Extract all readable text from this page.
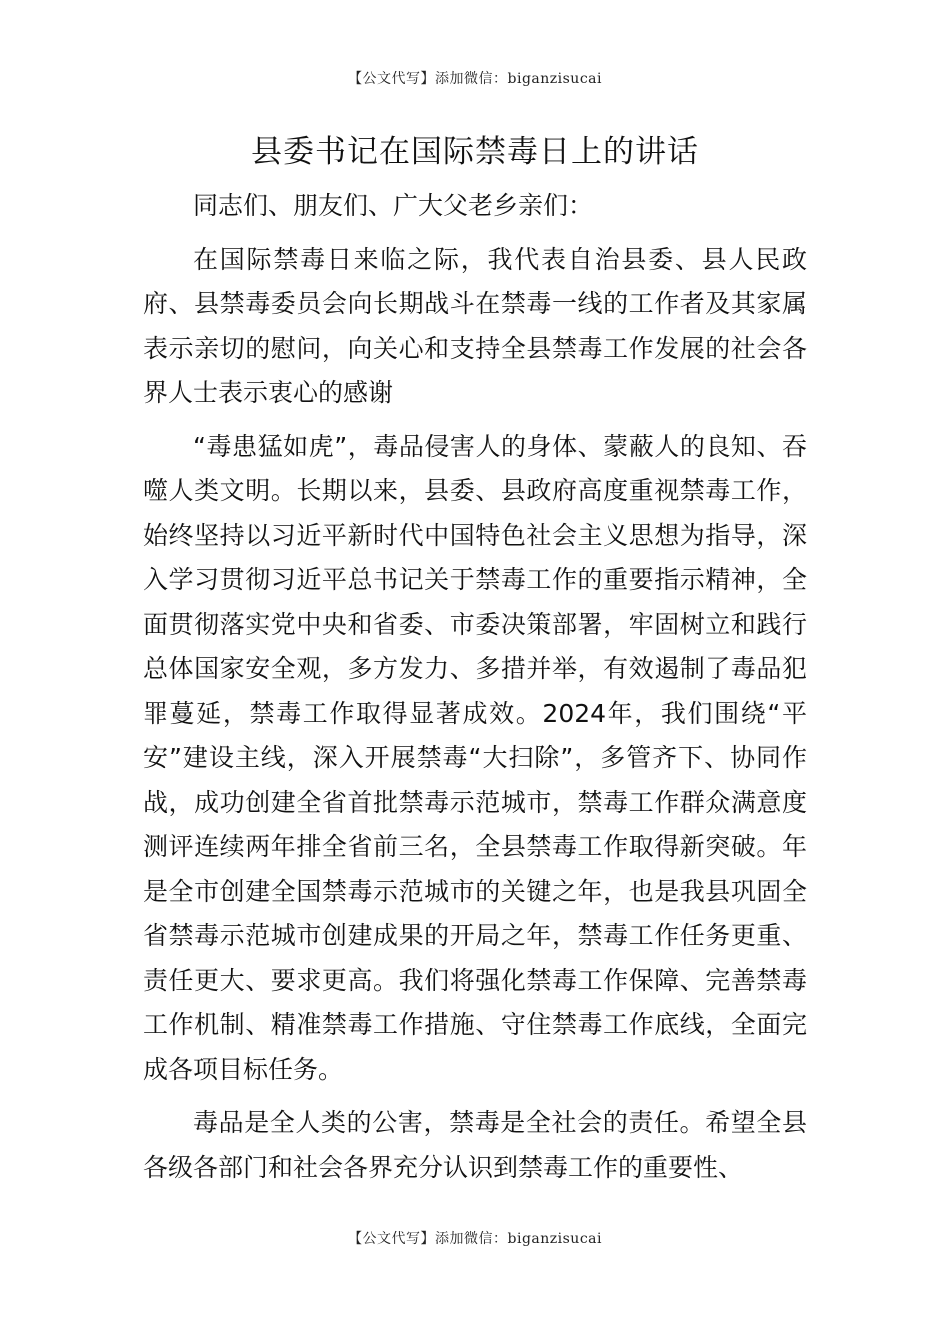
【公文代写】添加微信：biganzisucai
县委书记在国际禁毒日上的讲话

同志们、朋友们、广大父老乡亲们：

在国际禁毒日来临之际，我代表自治县委、县人民政府、县禁毒委员会向长期战斗在禁毒一线的工作者及其家属表示亲切的慰问，向关心和支持全县禁毒工作发展的社会各界人士表示衷心的感谢

“毒患猛如虎”，毒品侵害人的身体、蒙蔽人的良知、吞噬人类文明。长期以来，县委、县政府高度重视禁毒工作，始终坚持以习近平新时代中国特色社会主义思想为指导，深入学习贯彻习近平总书记关于禁毒工作的重要指示精神，全面贯彻落实党中央和省委、市委决策部署，牢固树立和践行总体国家安全观，多方发力、多措并举，有效遏制了毒品犯罪蔓延，禁毒工作取得显著成效。2024年，我们围绕“平安”建设主线，深入开展禁毒“大扫除”，多管齐下、协同作战，成功创建全省首批禁毒示范城市，禁毒工作群众满意度测评连续两年排全省前三名，全县禁毒工作取得新突破。年是全市创建全国禁毒示范城市的关键之年，也是我县巩固全省禁毒示范城市创建成果的开局之年，禁毒工作任务更重、责任更大、要求更高。我们将强化禁毒工作保障、完善禁毒工作机制、精准禁毒工作措施、守住禁毒工作底线，全面完成各项目标任务。

毒品是全人类的公害，禁毒是全社会的责任。希望全县各级各部门和社会各界充分认识到禁毒工作的重要性、

【公文代写】添加微信：biganzisucai
